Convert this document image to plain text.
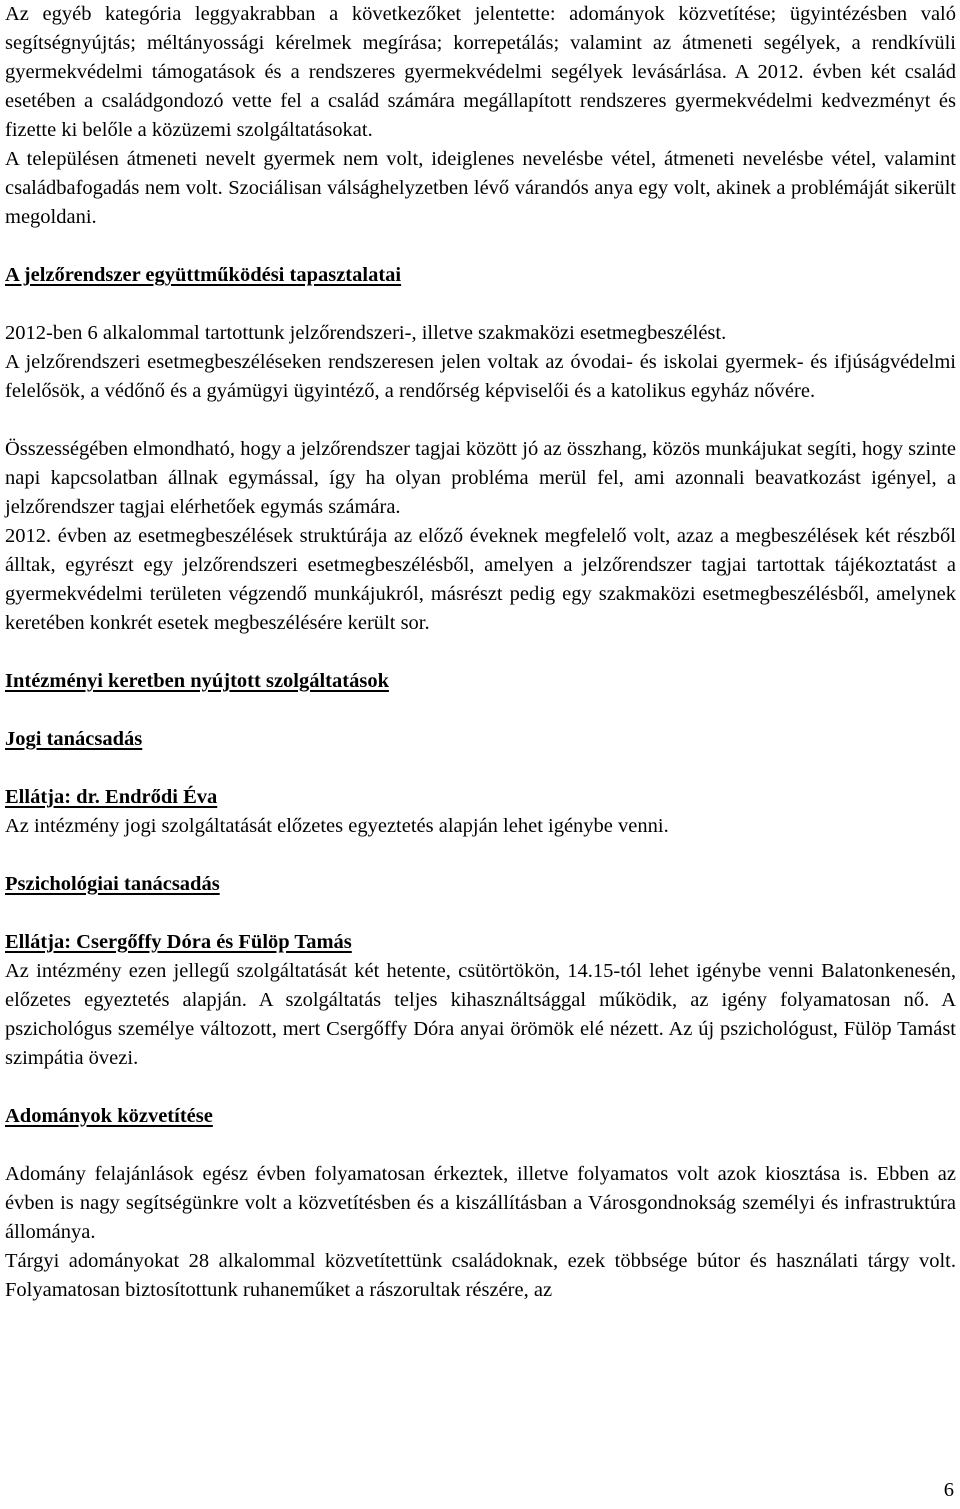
Az egyéb kategória leggyakrabban a következőket jelentette: adományok közvetítése; ügyintézésben való segítségnyújtás; méltányossági kérelmek megírása; korrepetálás; valamint az átmeneti segélyek, a rendkívüli gyermekvédelmi támogatások és a rendszeres gyermekvédelmi segélyek levásárlása. A 2012. évben két család esetében a családgondozó vette fel a család számára megállapított rendszeres gyermekvédelmi kedvezményt és fizette ki belőle a közüzemi szolgáltatásokat.

A településen átmeneti nevelt gyermek nem volt, ideiglenes nevelésbe vétel, átmeneti nevelésbe vétel, valamint családbafogadás nem volt. Szociálisan válsághelyzetben lévő várandós anya egy volt, akinek a problémáját sikerült megoldani.

A jelzőrendszer együttműködési tapasztalatai

2012-ben 6 alkalommal tartottunk jelzőrendszeri-, illetve szakmaközi esetmegbeszélést.

A jelzőrendszeri esetmegbeszéléseken rendszeresen jelen voltak az óvodai- és iskolai gyermek- és ifjúságvédelmi felelősök, a védőnő és a gyámügyi ügyintéző, a rendőrség képviselői és a katolikus egyház nővére.

Összességében elmondható, hogy a jelzőrendszer tagjai között jó az összhang, közös munkájukat segíti, hogy szinte napi kapcsolatban állnak egymással, így ha olyan probléma merül fel, ami azonnali beavatkozást igényel, a jelzőrendszer tagjai elérhetőek egymás számára.

2012. évben az esetmegbeszélések struktúrája az előző éveknek megfelelő volt, azaz a megbeszélések két részből álltak, egyrészt egy jelzőrendszeri esetmegbeszélésből, amelyen a jelzőrendszer tagjai tartottak tájékoztatást a gyermekvédelmi területen végzendő munkájukról, másrészt pedig egy szakmaközi esetmegbeszélésből, amelynek keretében konkrét esetek megbeszélésére került sor.

Intézményi keretben nyújtott szolgáltatások
Jogi tanácsadás
Ellátja: dr. Endrődi Éva

Az intézmény jogi szolgáltatását előzetes egyeztetés alapján lehet igénybe venni.

Pszichológiai tanácsadás
Ellátja: Csergőffy Dóra és Fülöp Tamás

Az intézmény ezen jellegű szolgáltatását két hetente, csütörtökön, 14.15-tól lehet igénybe venni Balatonkenesén, előzetes egyeztetés alapján. A szolgáltatás teljes kihasználtsággal működik, az igény folyamatosan nő. A pszichológus személye változott, mert Csergőffy Dóra anyai örömök elé nézett. Az új pszichológust, Fülöp Tamást szimpátia övezi.

Adományok közvetítése

Adomány felajánlások egész évben folyamatosan érkeztek, illetve folyamatos volt azok kiosztása is. Ebben az évben is nagy segítségünkre volt a közvetítésben és a kiszállításban a Városgondnokság személyi és infrastruktúra állománya.

Tárgyi adományokat 28 alkalommal közvetítettünk családoknak, ezek többsége bútor és használati tárgy volt. Folyamatosan biztosítottunk ruhaneműket a rászorultak részére, az

6
